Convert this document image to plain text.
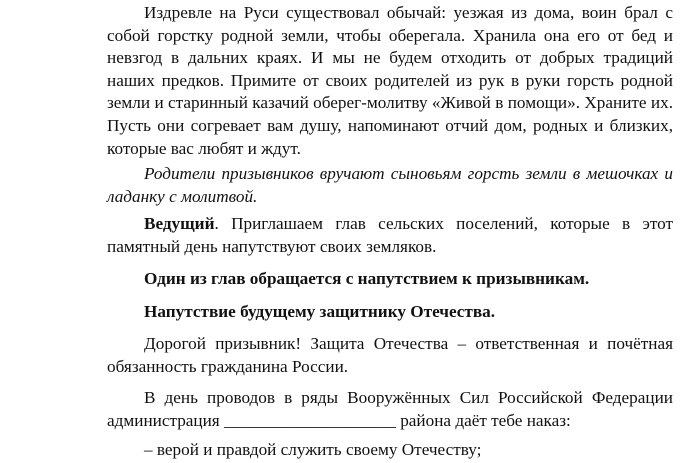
Издревле на Руси существовал обычай: уезжая из дома, воин брал с собой горстку родной земли, чтобы оберегала. Хранила она его от бед и невзгод в дальних краях. И мы не будем отходить от добрых традиций наших предков. Примите от своих родителей из рук в руки горсть родной земли и старинный казачий оберег-молитву «Живой в помощи». Храните их. Пусть они согревает вам душу, напоминают отчий дом, родных и близких, которые вас любят и ждут.

Родители призывников вручают сыновьям горсть земли в мешочках и ладанку с молитвой.

Ведущий. Приглашаем глав сельских поселений, которые в этот памятный день напутствуют своих земляков.

Один из глав обращается с напутствием к призывникам.

Напутствие будущему защитнику Отечества.

Дорогой призывник! Защита Отечества – ответственная и почётная обязанность гражданина России.

В день проводов в ряды Вооружённых Сил Российской Федерации администрация ____________________ района даёт тебе наказ:

– верой и правдой служить своему Отечеству;
